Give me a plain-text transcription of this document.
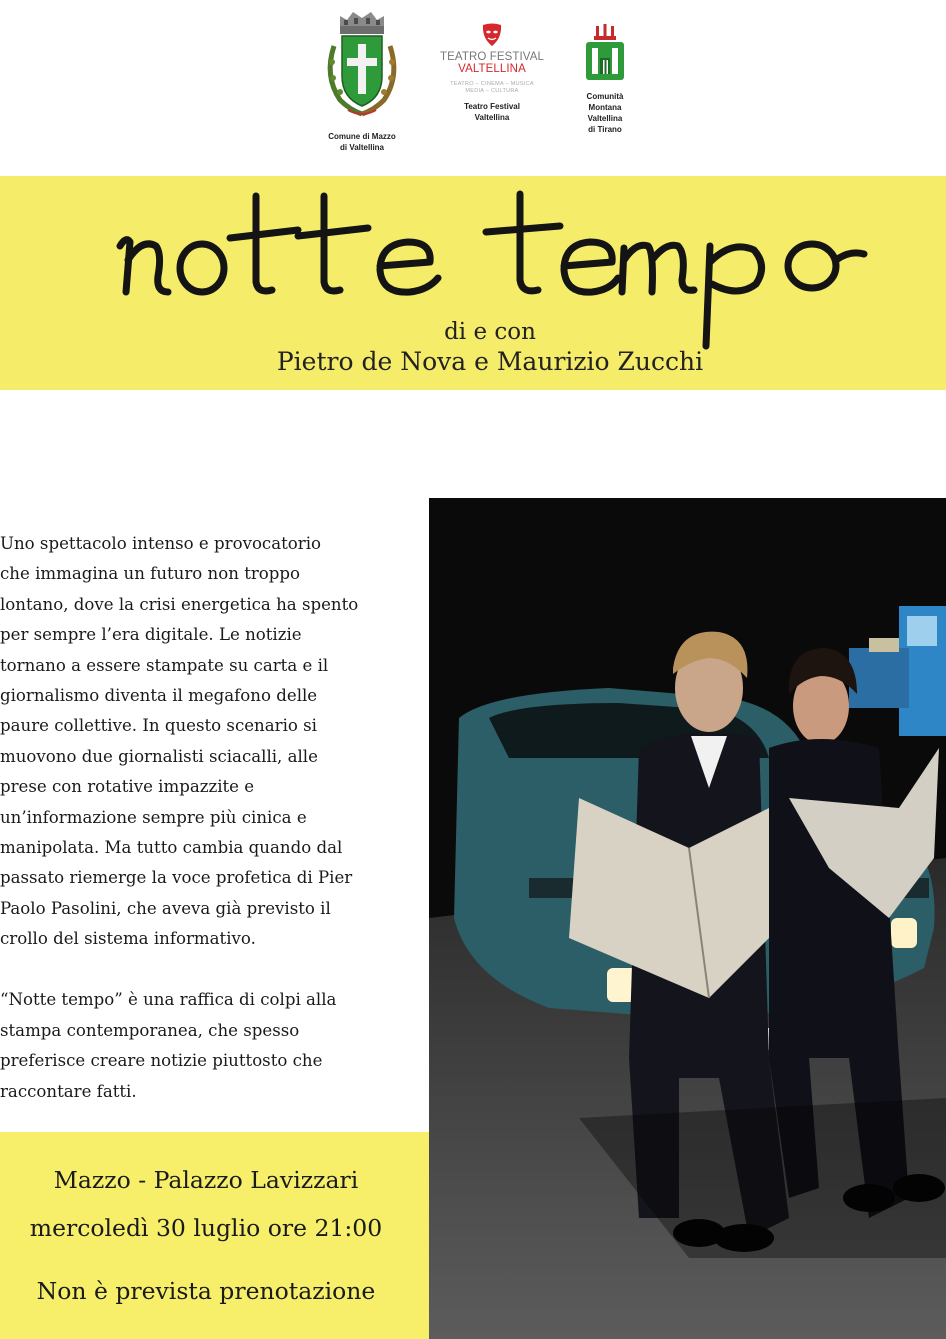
Comune di Mazzo
di Valtellina
TEATRO FESTIVAL
VALTELLINA
TEATRO – CINEMA – MUSICA
MEDIA – CULTURA
Teatro Festival
Valtellina
Comunità
Montana
Valtellina
di Tirano
di e con
Pietro de Nova e Maurizio Zucchi
Uno spettacolo intenso e provocatorio
che immagina un futuro non troppo
lontano, dove la crisi energetica ha spento
per sempre l’era digitale. Le notizie
tornano a essere stampate su carta e il
giornalismo diventa il megafono delle
paure collettive. In questo scenario si
muovono due giornalisti sciacalli, alle
prese con rotative impazzite e
un’informazione sempre più cinica e
manipolata. Ma tutto cambia quando dal
passato riemerge la voce profetica di Pier
Paolo Pasolini, che aveva già previsto il
crollo del sistema informativo.
“Notte tempo” è una raffica di colpi alla
stampa contemporanea, che spesso
preferisce creare notizie piuttosto che
raccontare fatti.
Mazzo - Palazzo Lavizzari
mercoledì 30 luglio ore 21:00
Non è prevista prenotazione
